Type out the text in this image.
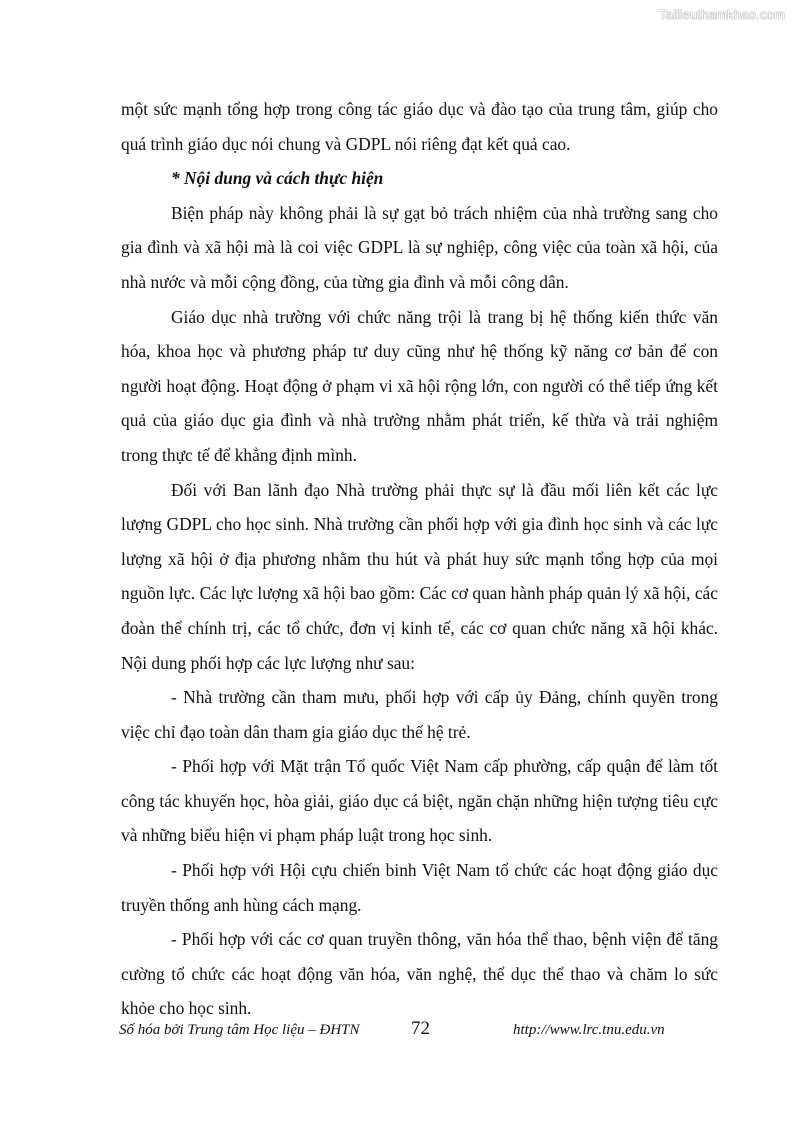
Tailieuthamkhao.com

một sức mạnh tổng hợp trong công tác giáo dục và đào tạo của trung tâm, giúp cho quá trình giáo dục nói chung và GDPL nói riêng đạt kết quả cao.

* Nội dung và cách thực hiện

Biện pháp này không phải là sự gạt bỏ trách nhiệm của nhà trường sang cho gia đình và xã hội mà là coi việc GDPL là sự nghiệp, công việc của toàn xã hội, của nhà nước và mỗi cộng đồng, của từng gia đình và mỗi công dân.

Giáo dục nhà trường với chức năng trội là trang bị hệ thống kiến thức văn hóa, khoa học và phương pháp tư duy cũng như hệ thống kỹ năng cơ bản để con người hoạt động. Hoạt động ở phạm vi xã hội rộng lớn, con người có thể tiếp ứng kết quả của giáo dục gia đình và nhà trường nhằm phát triển, kế thừa và trải nghiệm trong thực tế để khẳng định mình.

Đối với Ban lãnh đạo Nhà trường phải thực sự là đầu mối liên kết các lực lượng GDPL cho học sinh. Nhà trường cần phối hợp với gia đình học sinh và các lực lượng xã hội ở địa phương nhằm thu hút và phát huy sức mạnh tổng hợp của mọi nguồn lực. Các lực lượng xã hội bao gồm: Các cơ quan hành pháp quản lý xã hội, các đoàn thể chính trị, các tổ chức, đơn vị kinh tế, các cơ quan chức năng xã hội khác. Nội dung phối hợp các lực lượng như sau:

- Nhà trường cần tham mưu, phối hợp với cấp ủy Đảng, chính quyền trong việc chỉ đạo toàn dân tham gia giáo dục thế hệ trẻ.

- Phối hợp với Mặt trận Tổ quốc Việt Nam cấp phường, cấp quận để làm tốt công tác khuyến học, hòa giải, giáo dục cá biệt, ngăn chặn những hiện tượng tiêu cực và những biểu hiện vi phạm pháp luật trong học sinh.

- Phối hợp với Hội cựu chiến binh Việt Nam tổ chức các hoạt động giáo dục truyền thống anh hùng cách mạng.

- Phối hợp với các cơ quan truyền thông, văn hóa thể thao, bệnh viện để tăng cường tổ chức các hoạt động văn hóa, văn nghệ, thể dục thể thao và chăm lo sức khỏe cho học sinh.

Số hóa bởi Trung tâm Học liệu – ĐHTN	72	http://www.lrc.tnu.edu.vn
